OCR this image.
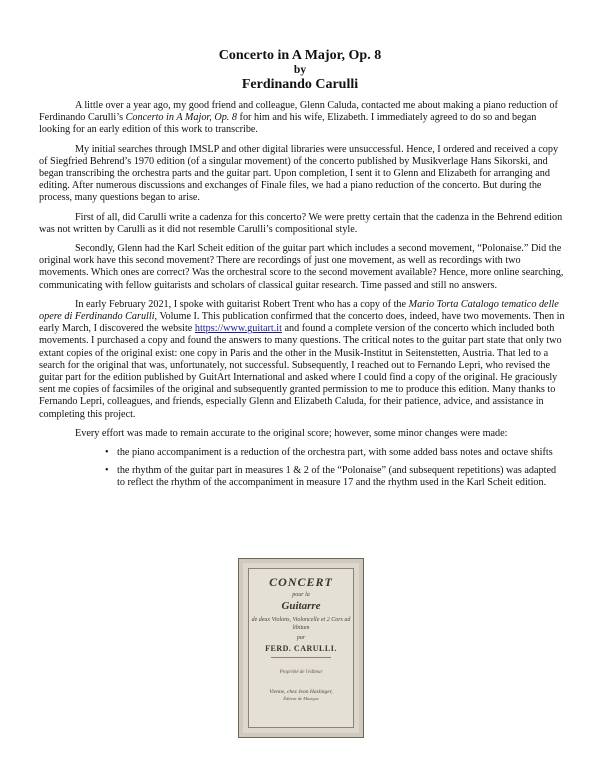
Concerto in A Major, Op. 8
by
Ferdinando Carulli

A little over a year ago, my good friend and colleague, Glenn Caluda, contacted me about making a piano reduction of Ferdinando Carulli’s Concerto in A Major, Op. 8 for him and his wife, Elizabeth. I immediately agreed to do so and began looking for an early edition of this work to transcribe.

My initial searches through IMSLP and other digital libraries were unsuccessful. Hence, I ordered and received a copy of Siegfried Behrend’s 1970 edition (of a singular movement) of the concerto published by Musikverlage Hans Sikorski, and began transcribing the orchestra parts and the guitar part. Upon completion, I sent it to Glenn and Elizabeth for arranging and editing. After numerous discussions and exchanges of Finale files, we had a piano reduction of the concerto. But during the process, many questions began to arise.

First of all, did Carulli write a cadenza for this concerto? We were pretty certain that the cadenza in the Behrend edition was not written by Carulli as it did not resemble Carulli’s compositional style.

Secondly, Glenn had the Karl Scheit edition of the guitar part which includes a second movement, “Polonaise.” Did the original work have this second movement? There are recordings of just one movement, as well as recordings with two movements. Which ones are correct? Was the orchestral score to the second movement available? Hence, more online searching, communicating with fellow guitarists and scholars of classical guitar research. Time passed and still no answers.

In early February 2021, I spoke with guitarist Robert Trent who has a copy of the Mario Torta Catalogo tematico delle opere di Ferdinando Carulli, Volume I. This publication confirmed that the concerto does, indeed, have two movements. Then in early March, I discovered the website https://www.guitart.it and found a complete version of the concerto which included both movements. I purchased a copy and found the answers to many questions. The critical notes to the guitar part state that only two extant copies of the original exist: one copy in Paris and the other in the Musik-Institut in Seitenstetten, Austria. That led to a search for the original that was, unfortunately, not successful. Subsequently, I reached out to Fernando Lepri, who revised the guitar part for the edition published by GuitArt International and asked where I could find a copy of the original. He graciously sent me copies of facsimiles of the original and subsequently granted permission to me to produce this edition. Many thanks to Fernando Lepri, colleagues, and friends, especially Glenn and Elizabeth Caluda, for their patience, advice, and assistance in completing this project.

Every effort was made to remain accurate to the original score; however, some minor changes were made:

• the piano accompaniment is a reduction of the orchestra part, with some added bass notes and octave shifts
• the rhythm of the guitar part in measures 1 & 2 of the “Polonaise” (and subsequent repetitions) was adapted to reflect the rhythm of the accompaniment in measure 17 and the rhythm used in the Karl Scheit edition.
CONCERT
pour la
Guitarre
de deux Violons, Violoncelle et 2 Cors ad libitum
par
FERD. CARULLI.
Propriété de l'éditeur
Vienne, chez Jean Haslinger,
Éditeur de Musique
